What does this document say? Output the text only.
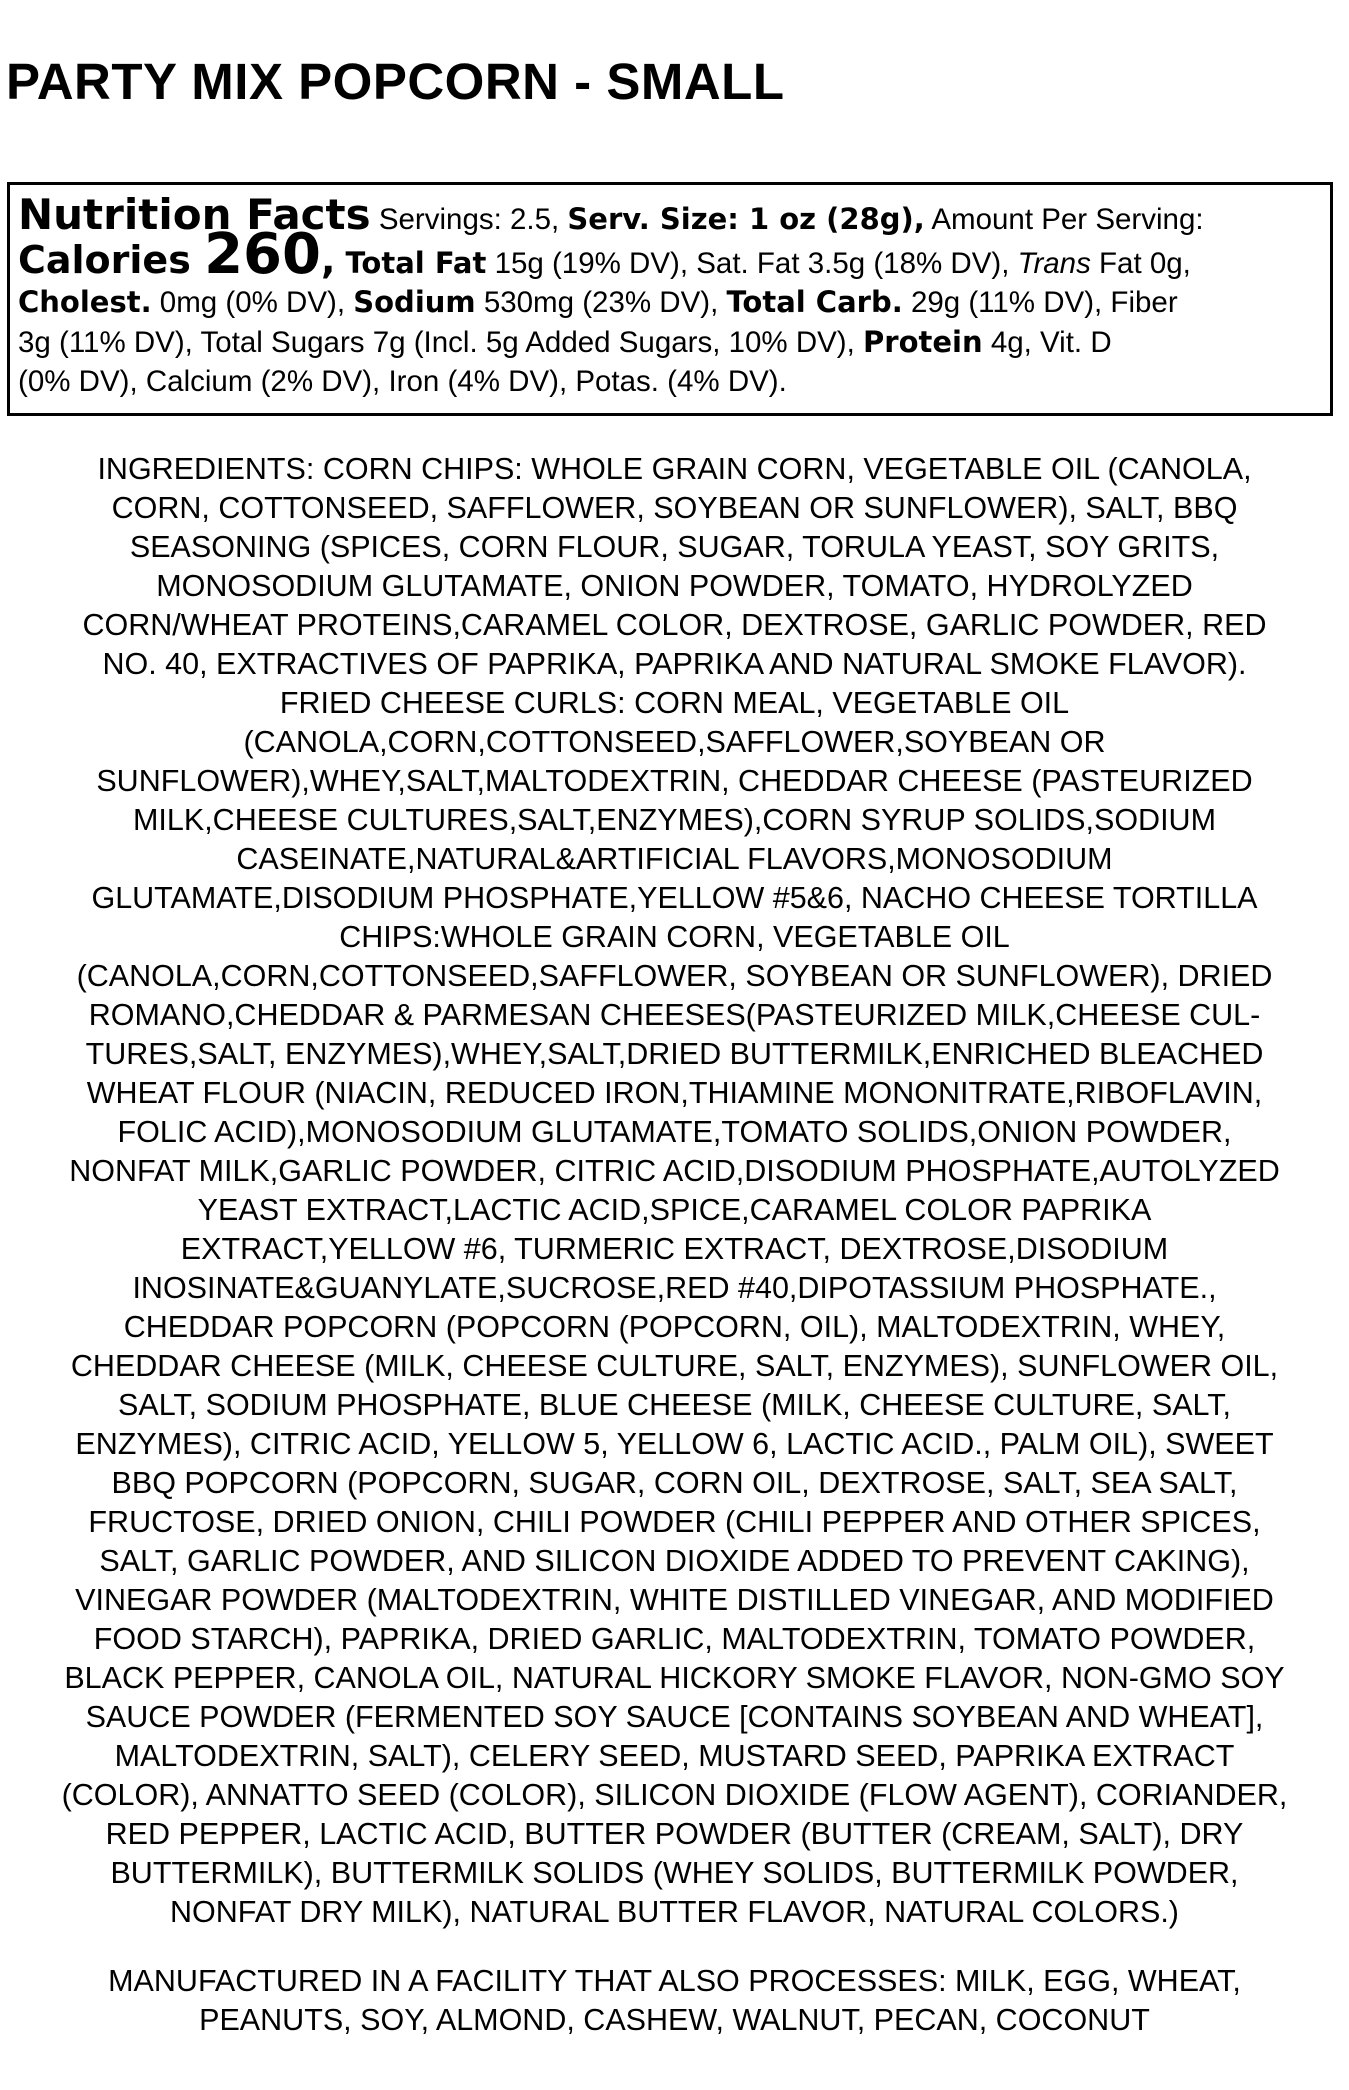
PARTY MIX POPCORN - SMALL
Nutrition Facts Servings: 2.5, Serv. Size: 1 oz (28g), Amount Per Serving:
Calories 260, Total Fat 15g (19% DV), Sat. Fat 3.5g (18% DV), Trans Fat 0g,
Cholest. 0mg (0% DV), Sodium 530mg (23% DV), Total Carb. 29g (11% DV), Fiber
3g (11% DV), Total Sugars 7g (Incl. 5g Added Sugars, 10% DV), Protein 4g, Vit. D
(0% DV), Calcium (2% DV), Iron (4% DV), Potas. (4% DV).
INGREDIENTS: CORN CHIPS: WHOLE GRAIN CORN, VEGETABLE OIL (CANOLA,
CORN, COTTONSEED, SAFFLOWER, SOYBEAN OR SUNFLOWER), SALT, BBQ
SEASONING (SPICES, CORN FLOUR, SUGAR, TORULA YEAST, SOY GRITS,
MONOSODIUM GLUTAMATE, ONION POWDER, TOMATO, HYDROLYZED
CORN/WHEAT PROTEINS,CARAMEL COLOR, DEXTROSE, GARLIC POWDER, RED
NO. 40, EXTRACTIVES OF PAPRIKA, PAPRIKA AND NATURAL SMOKE FLAVOR).
FRIED CHEESE CURLS: CORN MEAL, VEGETABLE OIL
(CANOLA,CORN,COTTONSEED,SAFFLOWER,SOYBEAN OR
SUNFLOWER),WHEY,SALT,MALTODEXTRIN, CHEDDAR CHEESE (PASTEURIZED
MILK,CHEESE CULTURES,SALT,ENZYMES),CORN SYRUP SOLIDS,SODIUM
CASEINATE,NATURAL&ARTIFICIAL FLAVORS,MONOSODIUM
GLUTAMATE,DISODIUM PHOSPHATE,YELLOW #5&6, NACHO CHEESE TORTILLA
CHIPS:WHOLE GRAIN CORN, VEGETABLE OIL
(CANOLA,CORN,COTTONSEED,SAFFLOWER, SOYBEAN OR SUNFLOWER), DRIED
ROMANO,CHEDDAR & PARMESAN CHEESES(PASTEURIZED MILK,CHEESE CUL-
TURES,SALT, ENZYMES),WHEY,SALT,DRIED BUTTERMILK,ENRICHED BLEACHED
WHEAT FLOUR (NIACIN, REDUCED IRON,THIAMINE MONONITRATE,RIBOFLAVIN,
FOLIC ACID),MONOSODIUM GLUTAMATE,TOMATO SOLIDS,ONION POWDER,
NONFAT MILK,GARLIC POWDER, CITRIC ACID,DISODIUM PHOSPHATE,AUTOLYZED
YEAST EXTRACT,LACTIC ACID,SPICE,CARAMEL COLOR PAPRIKA
EXTRACT,YELLOW #6, TURMERIC EXTRACT, DEXTROSE,DISODIUM
INOSINATE&GUANYLATE,SUCROSE,RED #40,DIPOTASSIUM PHOSPHATE.,
CHEDDAR POPCORN (POPCORN (POPCORN, OIL), MALTODEXTRIN, WHEY,
CHEDDAR CHEESE (MILK, CHEESE CULTURE, SALT, ENZYMES), SUNFLOWER OIL,
SALT, SODIUM PHOSPHATE, BLUE CHEESE (MILK, CHEESE CULTURE, SALT,
ENZYMES), CITRIC ACID, YELLOW 5, YELLOW 6, LACTIC ACID., PALM OIL), SWEET
BBQ POPCORN (POPCORN, SUGAR, CORN OIL, DEXTROSE, SALT, SEA SALT,
FRUCTOSE, DRIED ONION, CHILI POWDER (CHILI PEPPER AND OTHER SPICES,
SALT, GARLIC POWDER, AND SILICON DIOXIDE ADDED TO PREVENT CAKING),
VINEGAR POWDER (MALTODEXTRIN, WHITE DISTILLED VINEGAR, AND MODIFIED
FOOD STARCH), PAPRIKA, DRIED GARLIC, MALTODEXTRIN, TOMATO POWDER,
BLACK PEPPER, CANOLA OIL, NATURAL HICKORY SMOKE FLAVOR, NON-GMO SOY
SAUCE POWDER (FERMENTED SOY SAUCE [CONTAINS SOYBEAN AND WHEAT],
MALTODEXTRIN, SALT), CELERY SEED, MUSTARD SEED, PAPRIKA EXTRACT
(COLOR), ANNATTO SEED (COLOR), SILICON DIOXIDE (FLOW AGENT), CORIANDER,
RED PEPPER, LACTIC ACID, BUTTER POWDER (BUTTER (CREAM, SALT), DRY
BUTTERMILK), BUTTERMILK SOLIDS (WHEY SOLIDS, BUTTERMILK POWDER,
NONFAT DRY MILK), NATURAL BUTTER FLAVOR, NATURAL COLORS.)
MANUFACTURED IN A FACILITY THAT ALSO PROCESSES: MILK, EGG, WHEAT,
PEANUTS, SOY, ALMOND, CASHEW, WALNUT, PECAN, COCONUT
